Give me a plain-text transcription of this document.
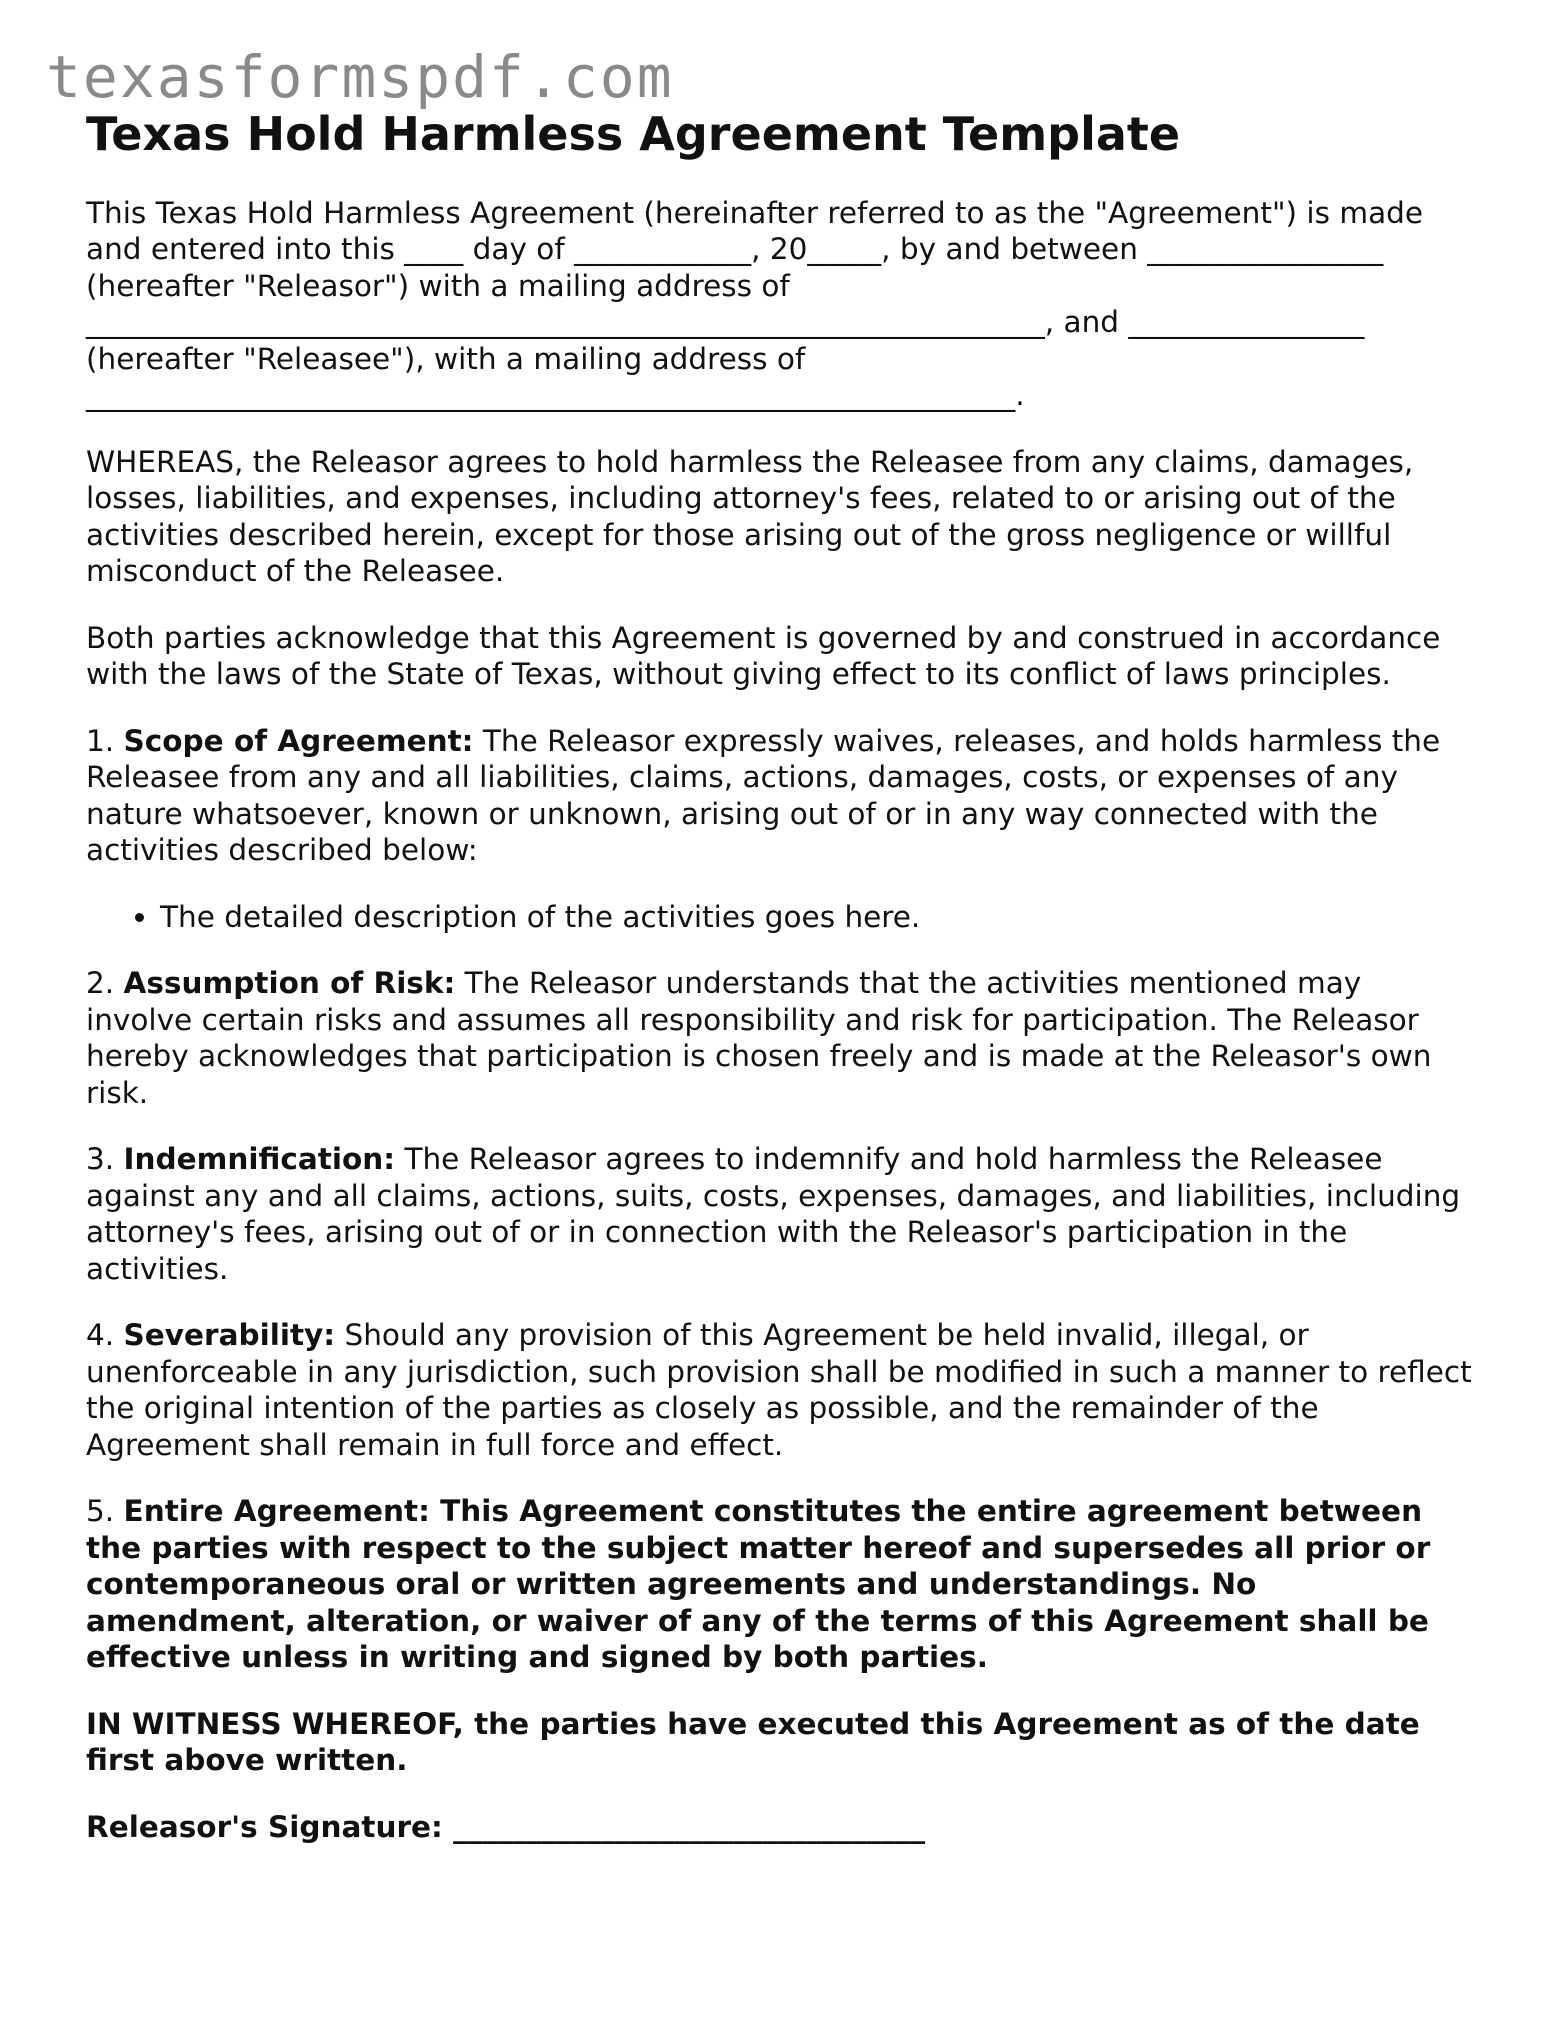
texasformspdf.com
Texas Hold Harmless Agreement Template

This Texas Hold Harmless Agreement (hereinafter referred to as the "Agreement") is made and entered into this ____ day of ____________, 20_____, by and between ________________ (hereafter "Releasor") with a mailing address of _________________________________________________________________, and ________________ (hereafter "Releasee"), with a mailing address of _______________________________________________________________.

WHEREAS, the Releasor agrees to hold harmless the Releasee from any claims, damages, losses, liabilities, and expenses, including attorney's fees, related to or arising out of the activities described herein, except for those arising out of the gross negligence or willful misconduct of the Releasee.

Both parties acknowledge that this Agreement is governed by and construed in accordance with the laws of the State of Texas, without giving effect to its conflict of laws principles.

1. Scope of Agreement: The Releasor expressly waives, releases, and holds harmless the Releasee from any and all liabilities, claims, actions, damages, costs, or expenses of any nature whatsoever, known or unknown, arising out of or in any way connected with the activities described below:

• The detailed description of the activities goes here.

2. Assumption of Risk: The Releasor understands that the activities mentioned may involve certain risks and assumes all responsibility and risk for participation. The Releasor hereby acknowledges that participation is chosen freely and is made at the Releasor's own risk.

3. Indemnification: The Releasor agrees to indemnify and hold harmless the Releasee against any and all claims, actions, suits, costs, expenses, damages, and liabilities, including attorney's fees, arising out of or in connection with the Releasor's participation in the activities.

4. Severability: Should any provision of this Agreement be held invalid, illegal, or unenforceable in any jurisdiction, such provision shall be modified in such a manner to reflect the original intention of the parties as closely as possible, and the remainder of the Agreement shall remain in full force and effect.

5. Entire Agreement: This Agreement constitutes the entire agreement between the parties with respect to the subject matter hereof and supersedes all prior or contemporaneous oral or written agreements and understandings. No amendment, alteration, or waiver of any of the terms of this Agreement shall be effective unless in writing and signed by both parties.

IN WITNESS WHEREOF, the parties have executed this Agreement as of the date first above written.

Releasor's Signature: ________________________________
